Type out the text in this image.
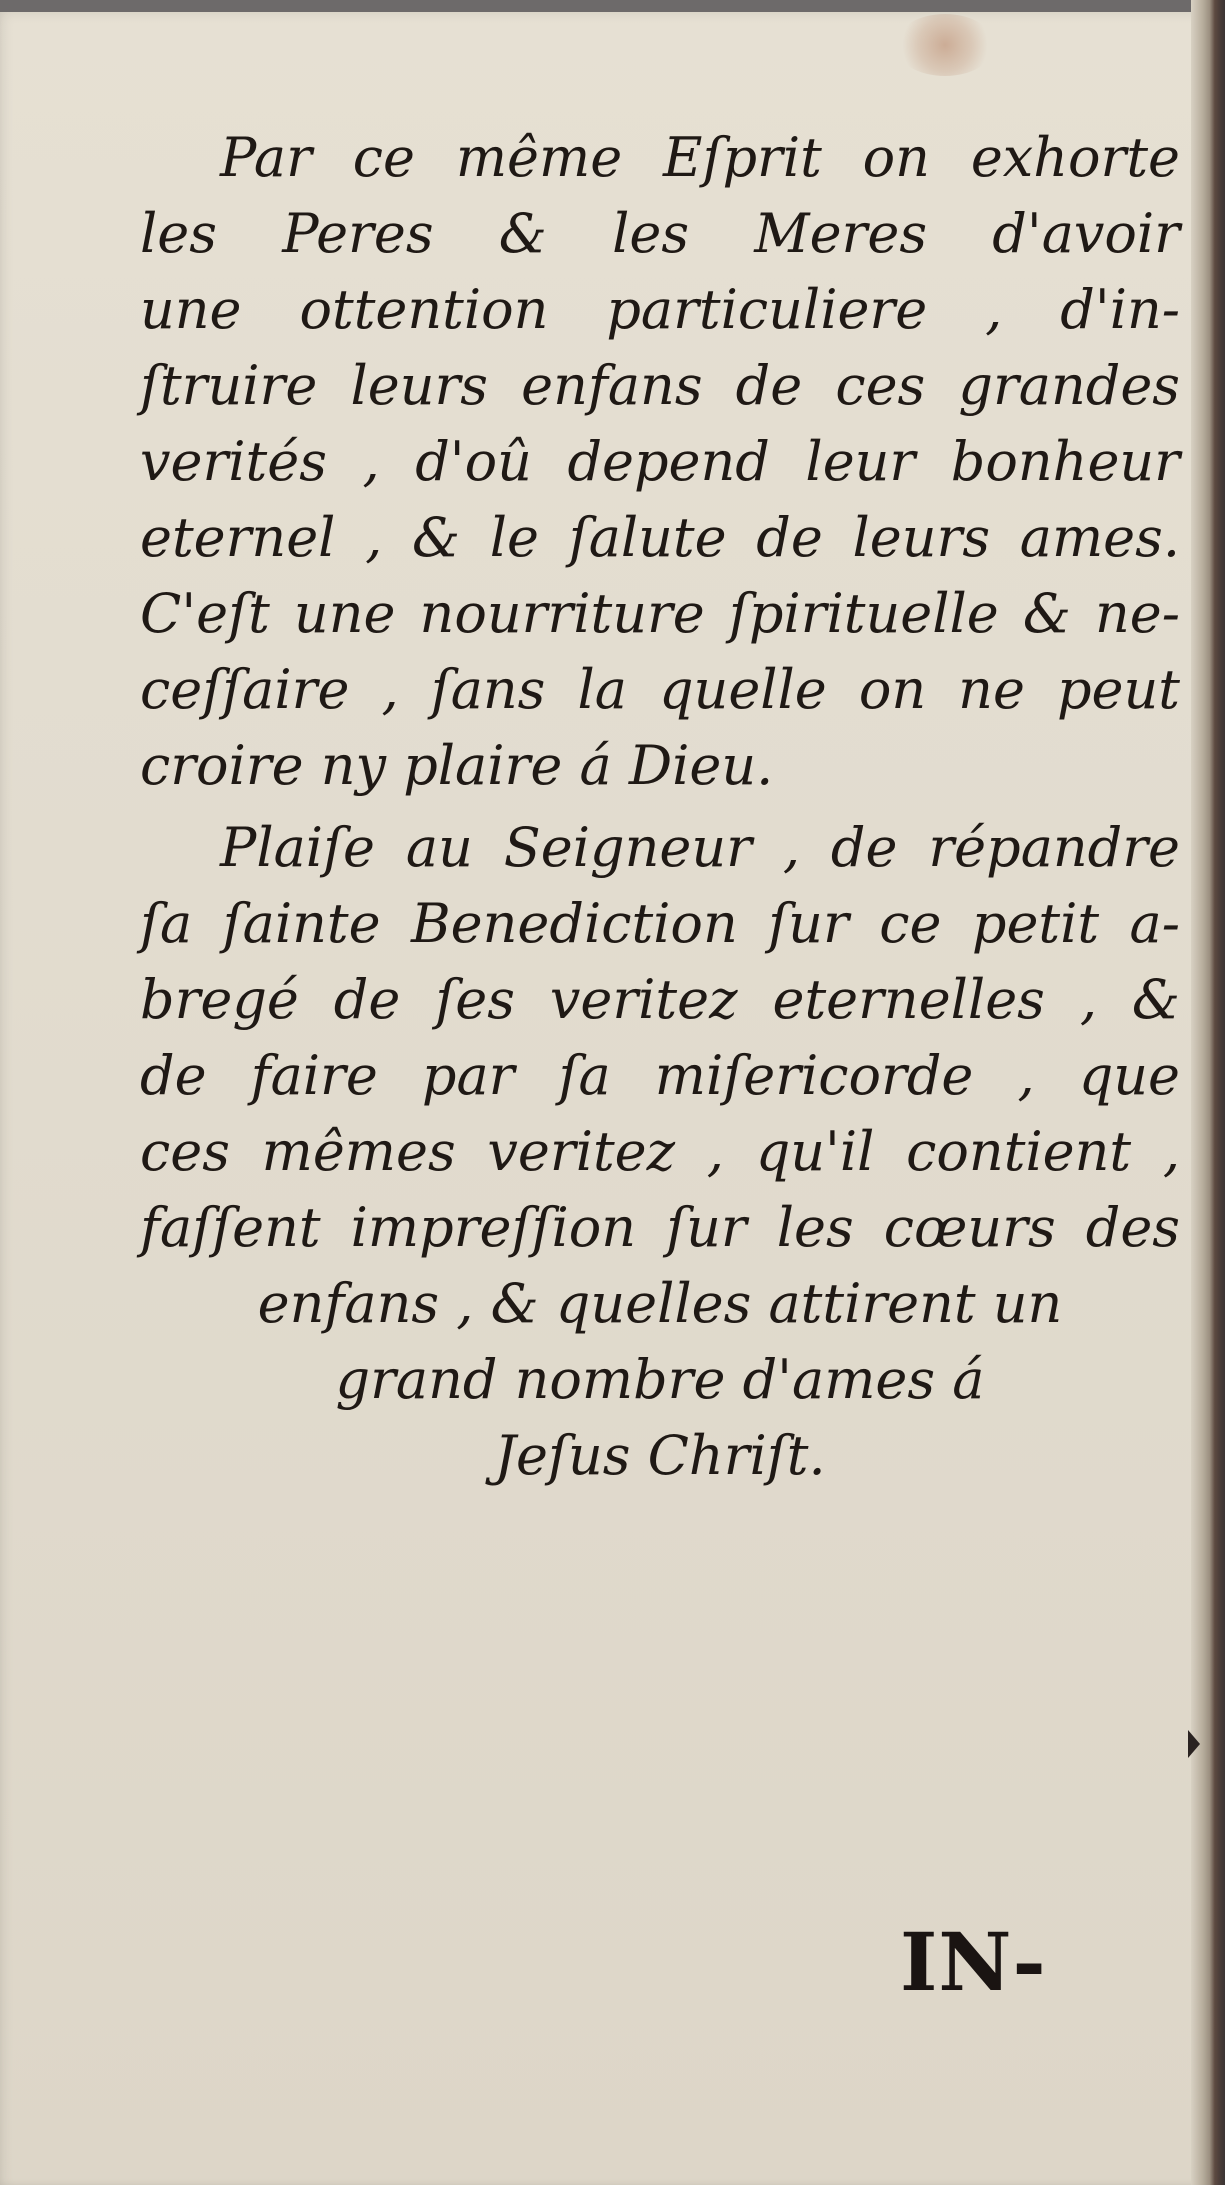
Par ce même Eſprit on exhorte
les Peres & les Meres d'avoir
une ottention particuliere , d'in-
ſtruire leurs enfans de ces grandes
verités , d'oû depend leur bonheur
eternel , & le ſalute de leurs ames.
C'eſt une nourriture ſpirituelle & ne-
ceſſaire , ſans la quelle on ne peut
croire ny plaire á Dieu.
Plaiſe au Seigneur , de répandre
ſa ſainte Benediction ſur ce petit a-
bregé de ſes veritez eternelles , &
de faire par ſa miſericorde , que
ces mêmes veritez , qu'il contient ,
faſſent impreſſion ſur les cœurs des
enfans , & quelles attirent un
grand nombre d'ames á
Jeſus Chriſt.
IN-
